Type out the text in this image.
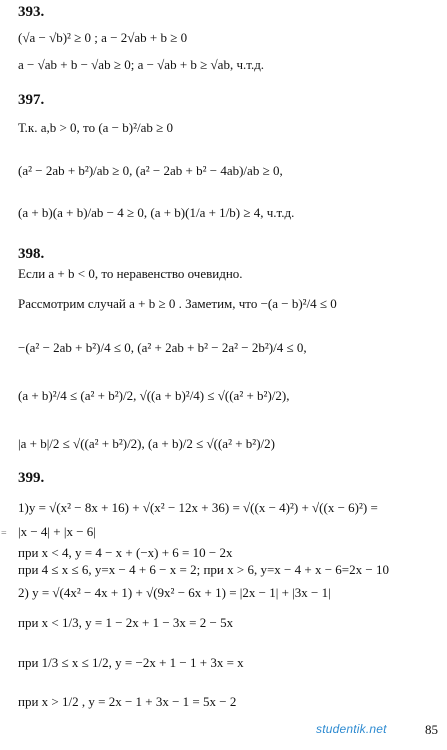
393.
(√a − √b)² ≥ 0 ; a − 2√ab + b ≥ 0
a − √ab + b − √ab ≥ 0; a − √ab + b ≥ √ab, ч.т.д.
397.
Т.к. a,b > 0, то (a − b)²/ab ≥ 0
(a² − 2ab + b²)/ab ≥ 0, (a² − 2ab + b² − 4ab)/ab ≥ 0,
(a + b)(a + b)/ab − 4 ≥ 0, (a + b)(1/a + 1/b) ≥ 4, ч.т.д.
398.
Если a + b < 0, то неравенство очевидно.
Рассмотрим случай a + b ≥ 0 . Заметим, что −(a − b)²/4 ≤ 0
−(a² − 2ab + b²)/4 ≤ 0, (a² + 2ab + b² − 2a² − 2b²)/4 ≤ 0,
(a + b)²/4 ≤ (a² + b²)/2, √((a + b)²/4) ≤ √((a² + b²)/2),
|a + b|/2 ≤ √((a² + b²)/2), (a + b)/2 ≤ √((a² + b²)/2)
399.
1)y = √(x² − 8x + 16) + √(x² − 12x + 36) = √((x − 4)²) + √((x − 6)²) =
|x − 4| + |x − 6|
при x < 4, y = 4 − x + (−x) + 6 = 10 − 2x
при 4 ≤ x ≤ 6, y=x − 4 + 6 − x = 2; при x > 6, y=x − 4 + x − 6=2x − 10
2) y = √(4x² − 4x + 1) + √(9x² − 6x + 1) = |2x − 1| + |3x − 1|
при x < 1/3, y = 1 − 2x + 1 − 3x = 2 − 5x
при 1/3 ≤ x ≤ 1/2, y = −2x + 1 − 1 + 3x = x
при x > 1/2 , y = 2x − 1 + 3x − 1 = 5x − 2
=
studentik.net	85
